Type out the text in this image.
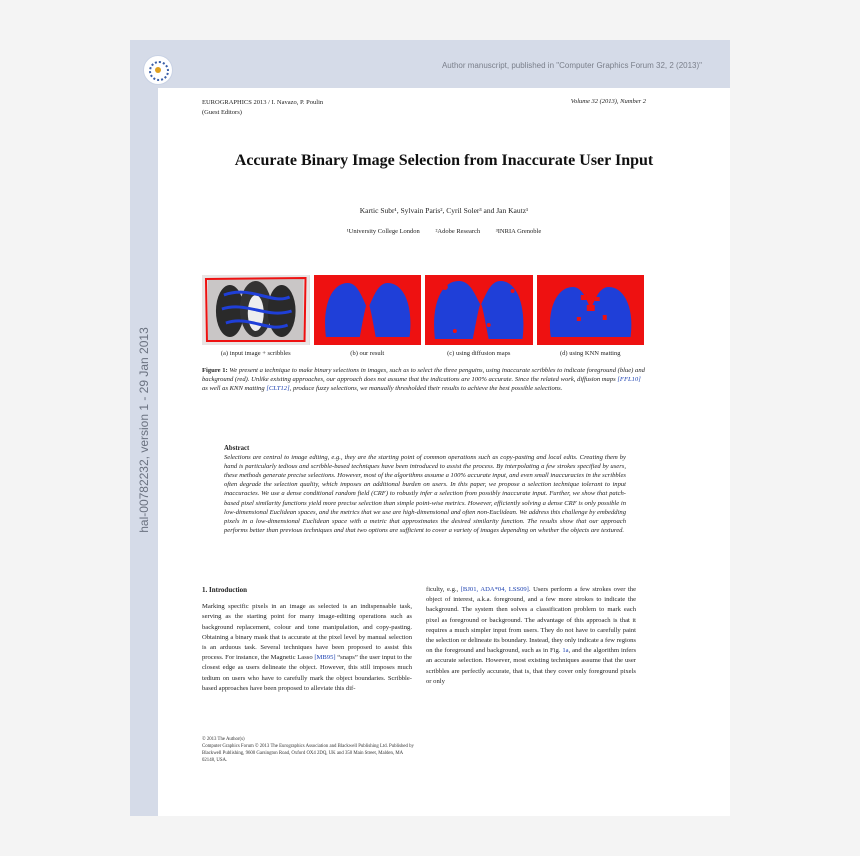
hal-00782232, version 1 - 29 Jan 2013
Author manuscript, published in "Computer Graphics Forum 32, 2 (2013)"
EUROGRAPHICS 2013 / I. Navazo, P. Poulin
(Guest Editors)
Volume 32 (2013), Number 2
Accurate Binary Image Selection from Inaccurate User Input
Kartic Subr¹, Sylvain Paris², Cyril Soler³ and Jan Kautz¹
¹University College London ²Adobe Research ³INRIA Grenoble
(a) input image + scribbles	(b) our result	(c) using diffusion maps	(d) using KNN matting
Figure 1: We present a technique to make binary selections in images, such as to select the three penguins, using inaccurate scribbles to indicate foreground (blue) and background (red). Unlike existing approaches, our approach does not assume that the indications are 100% accurate. Since the related work, diffusion maps [FFL10] as well as KNN matting [CLT12], produce fuzzy selections, we manually thresholded their results to achieve the best possible selections.
Abstract
Selections are central to image editing, e.g., they are the starting point of common operations such as copy-pasting and local edits. Creating them by hand is particularly tedious and scribble-based techniques have been introduced to assist the process. By interpolating a few strokes specified by users, these methods generate precise selections. However, most of the algorithms assume a 100% accurate input, and even small inaccuracies in the scribbles often degrade the selection quality, which imposes an additional burden on users. In this paper, we propose a selection technique tolerant to input inaccuracies. We use a dense conditional random field (CRF) to robustly infer a selection from possibly inaccurate input. Further, we show that patch-based pixel similarity functions yield more precise selection than simple point-wise metrics. However, efficiently solving a dense CRF is only possible in low-dimensional Euclidean spaces, and the metrics that we use are high-dimensional and often non-Euclidean. We address this challenge by embedding pixels in a low-dimensional Euclidean space with a metric that approximates the desired similarity function. The results show that our approach performs better than previous techniques and that two options are sufficient to cover a variety of images depending on whether the objects are textured.
1. Introduction
Marking specific pixels in an image as selected is an indispensable task, serving as the starting point for many image-editing operations such as background replacement, colour and tone manipulation, and copy-pasting. Obtaining a binary mask that is accurate at the pixel level by manual selection is an arduous task. Several techniques have been proposed to assist this process. For instance, the Magnetic Lasso [MB95] “snaps” the user input to the closest edge as users delineate the object. However, this still imposes much tedium on users who have to carefully mark the object boundaries. Scribble-based approaches have been proposed to alleviate this dif-
ficulty, e.g., [BJ01, ADA*04, LSS09]. Users perform a few strokes over the object of interest, a.k.a. foreground, and a few more strokes to indicate the background. The system then solves a classification problem to mark each pixel as foreground or background. The advantage of this approach is that it requires a much simpler input from users. They do not have to carefully paint the selection or delineate its boundary. Instead, they only indicate a few regions on the foreground and background, such as in Fig. 1a, and the algorithm infers an accurate selection. However, most existing techniques assume that the user scribbles are perfectly accurate, that is, that they cover only foreground pixels or only
© 2013 The Author(s)
Computer Graphics Forum © 2013 The Eurographics Association and Blackwell Publishing Ltd. Published by Blackwell Publishing, 9600 Garsington Road, Oxford OX4 2DQ, UK and 350 Main Street, Malden, MA 02148, USA.
